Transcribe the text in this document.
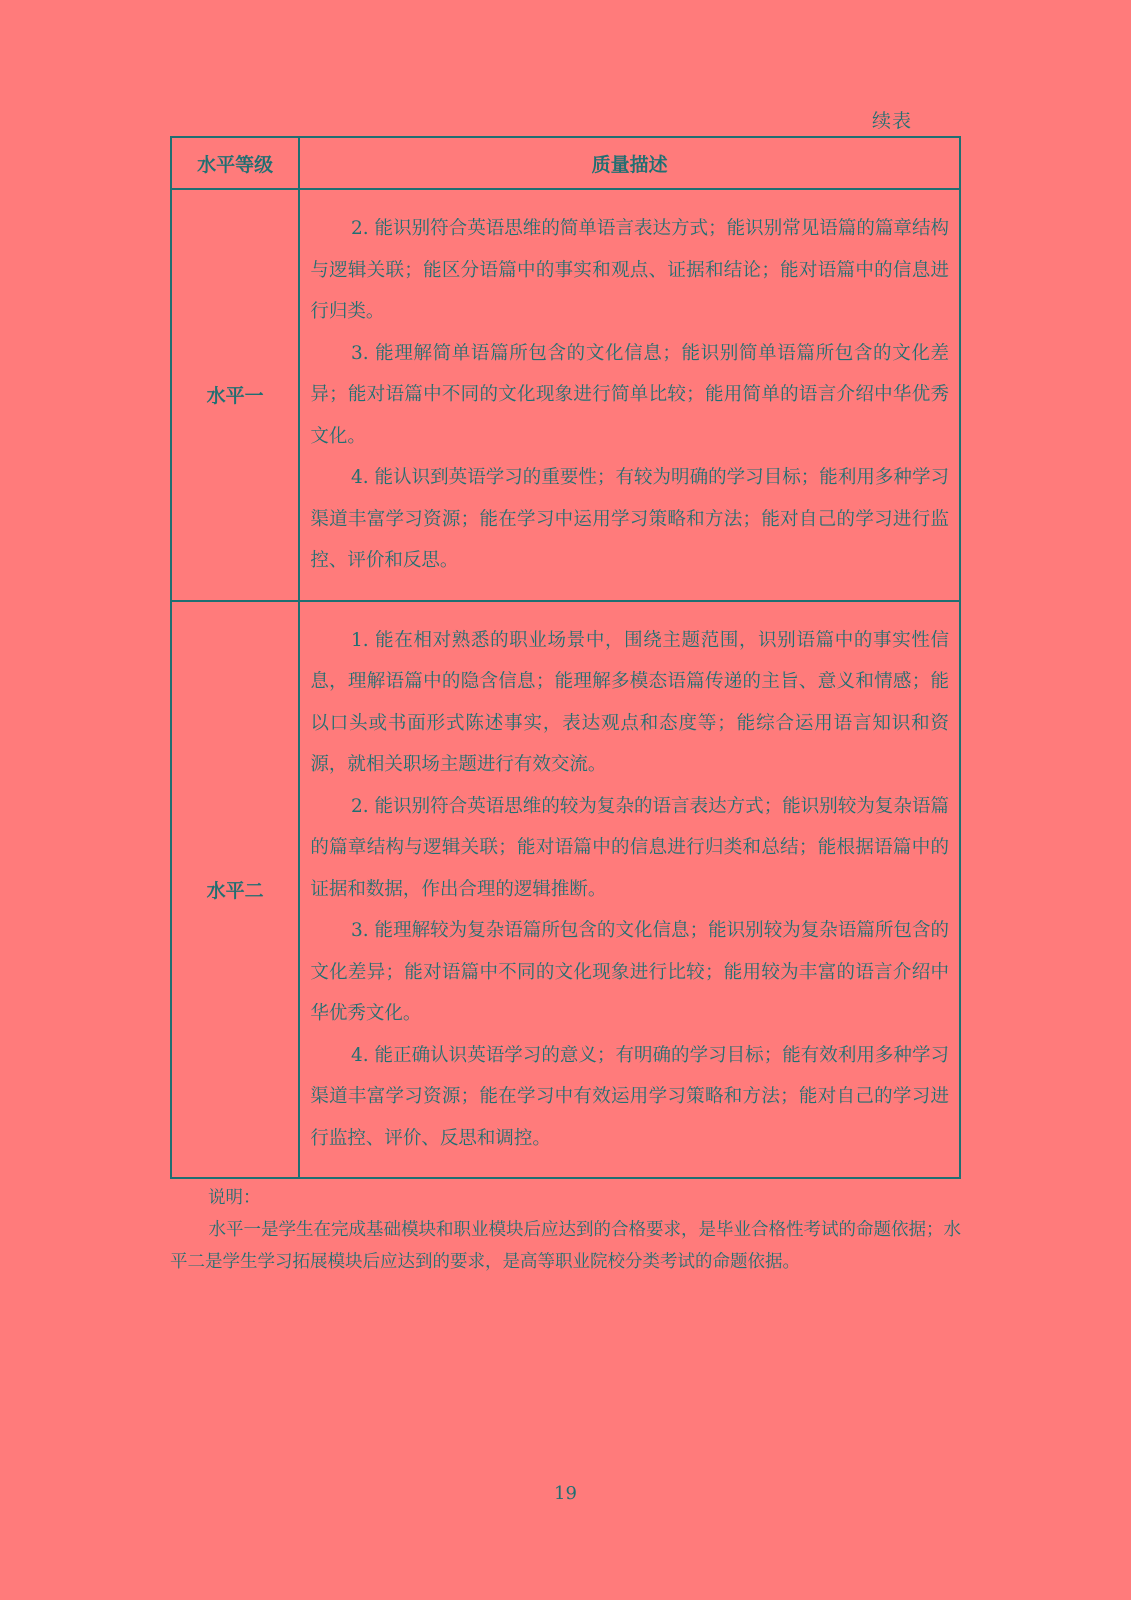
续表
水平等级	质量描述
水平一	2. 能识别符合英语思维的简单语言表达方式；能识别常见语篇的篇章结构与逻辑关联；能区分语篇中的事实和观点、证据和结论；能对语篇中的信息进行归类。

3. 能理解简单语篇所包含的文化信息；能识别简单语篇所包含的文化差异；能对语篇中不同的文化现象进行简单比较；能用简单的语言介绍中华优秀文化。

4. 能认识到英语学习的重要性；有较为明确的学习目标；能利用多种学习渠道丰富学习资源；能在学习中运用学习策略和方法；能对自己的学习进行监控、评价和反思。

水平二	1. 能在相对熟悉的职业场景中，围绕主题范围，识别语篇中的事实性信息，理解语篇中的隐含信息；能理解多模态语篇传递的主旨、意义和情感；能以口头或书面形式陈述事实，表达观点和态度等；能综合运用语言知识和资源，就相关职场主题进行有效交流。

2. 能识别符合英语思维的较为复杂的语言表达方式；能识别较为复杂语篇的篇章结构与逻辑关联；能对语篇中的信息进行归类和总结；能根据语篇中的证据和数据，作出合理的逻辑推断。

3. 能理解较为复杂语篇所包含的文化信息；能识别较为复杂语篇所包含的文化差异；能对语篇中不同的文化现象进行比较；能用较为丰富的语言介绍中华优秀文化。

4. 能正确认识英语学习的意义；有明确的学习目标；能有效利用多种学习渠道丰富学习资源；能在学习中有效运用学习策略和方法；能对自己的学习进行监控、评价、反思和调控。

说明：

水平一是学生在完成基础模块和职业模块后应达到的合格要求，是毕业合格性考试的命题依据；水平二是学生学习拓展模块后应达到的要求，是高等职业院校分类考试的命题依据。

19
